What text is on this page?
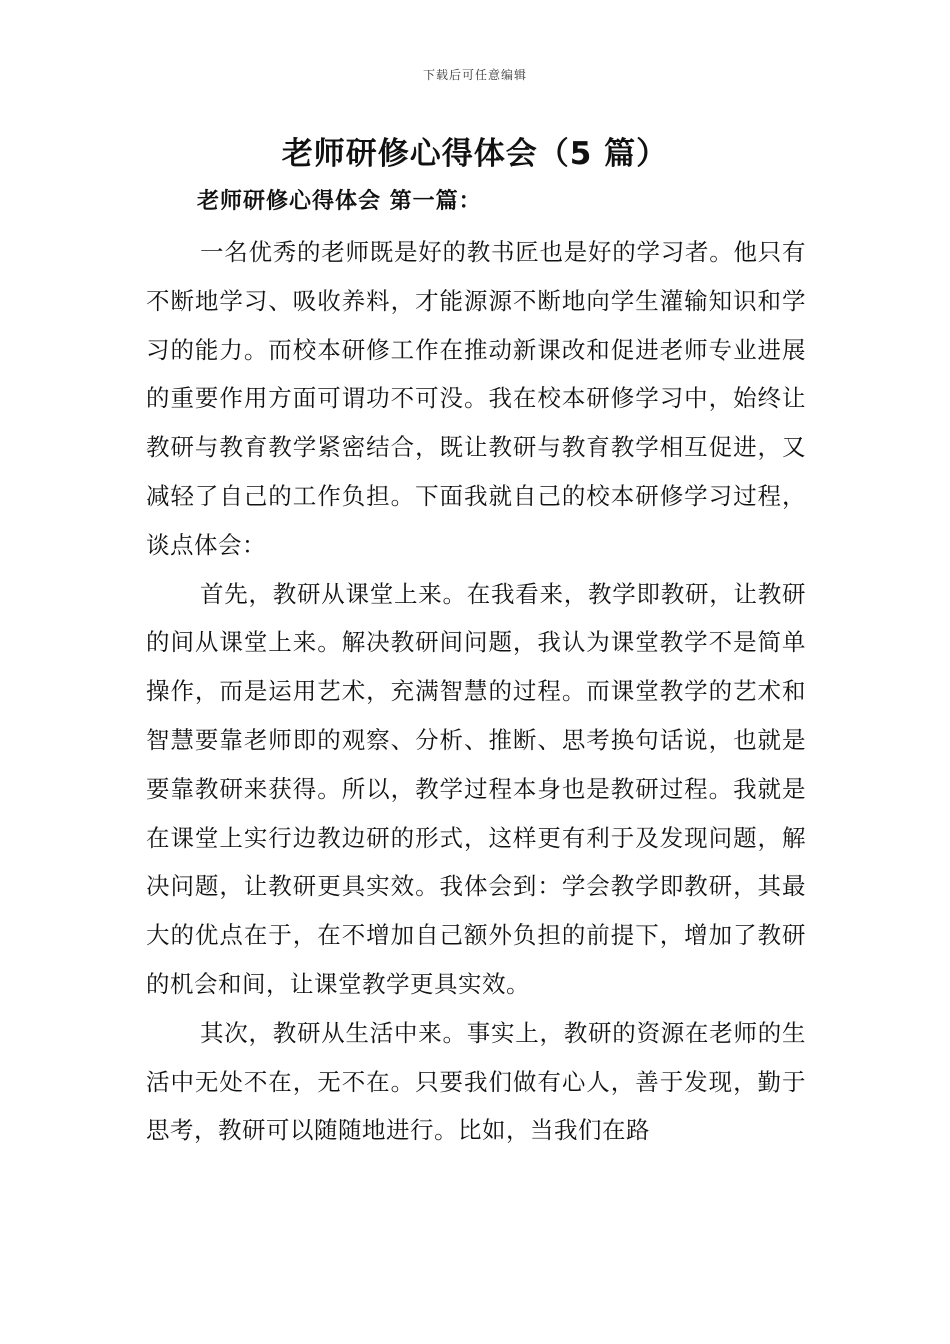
下载后可任意编辑
老师研修心得体会（5 篇）
老师研修心得体会 第一篇：

一名优秀的老师既是好的教书匠也是好的学习者。他只有不断地学习、吸收养料，才能源源不断地向学生灌输知识和学习的能力。而校本研修工作在推动新课改和促进老师专业进展的重要作用方面可谓功不可没。我在校本研修学习中，始终让教研与教育教学紧密结合，既让教研与教育教学相互促进，又减轻了自己的工作负担。下面我就自己的校本研修学习过程，谈点体会：

首先，教研从课堂上来。在我看来，教学即教研，让教研的间从课堂上来。解决教研间问题，我认为课堂教学不是简单操作，而是运用艺术，充满智慧的过程。而课堂教学的艺术和智慧要靠老师即的观察、分析、推断、思考换句话说，也就是要靠教研来获得。所以，教学过程本身也是教研过程。我就是在课堂上实行边教边研的形式，这样更有利于及发现问题，解决问题，让教研更具实效。我体会到：学会教学即教研，其最大的优点在于，在不增加自己额外负担的前提下，增加了教研的机会和间，让课堂教学更具实效。

其次，教研从生活中来。事实上，教研的资源在老师的生活中无处不在，无不在。只要我们做有心人，善于发现，勤于思考，教研可以随随地进行。比如，当我们在路
